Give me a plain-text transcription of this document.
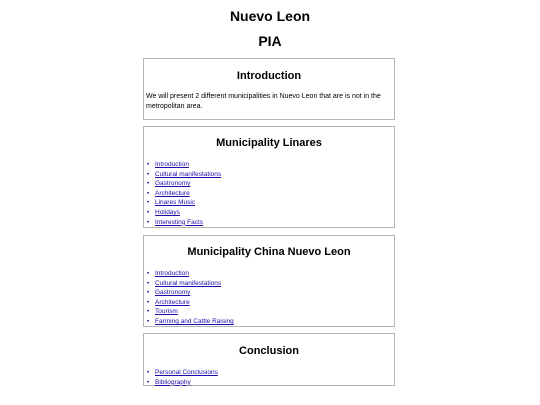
Nuevo Leon
PIA
Introduction

We will present 2 different municipalities in Nuevo Leon that are is not in the metropolitan area.

Municipality Linares
• Introduction
• Cultural manifestations
• Gastronomy
• Architecture
• Linares Music
• Holidays
• Interesting Facts
Municipality China Nuevo Leon
• Introduction
• Cultural manifestations
• Gastronomy
• Architecture
• Tourism
• Farming and Cattle Raising
Conclusion
• Personal Conclusions
• Bibliography
